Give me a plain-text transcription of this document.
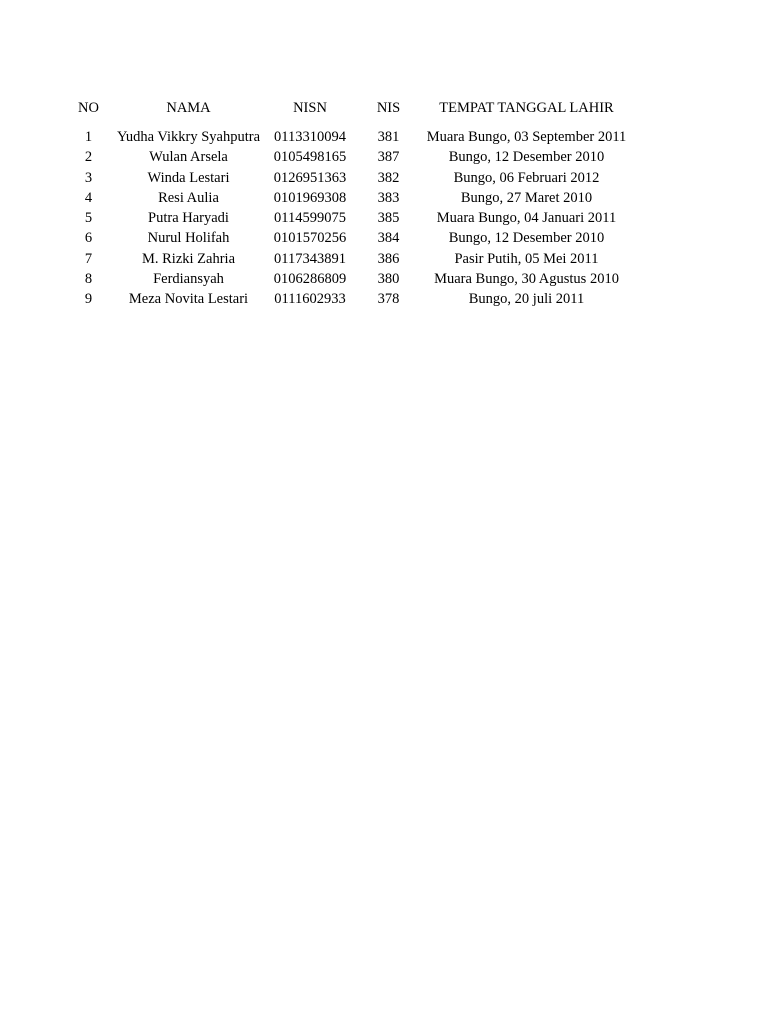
NO	NAMA	NISN	NIS	TEMPAT TANGGAL LAHIR
1	Yudha Vikkry Syahputra	0113310094	381	Muara Bungo, 03 September 2011
2	Wulan Arsela	0105498165	387	Bungo, 12 Desember 2010
3	Winda Lestari	0126951363	382	Bungo, 06 Februari 2012
4	Resi Aulia	0101969308	383	Bungo, 27 Maret 2010
5	Putra Haryadi	0114599075	385	Muara Bungo, 04 Januari 2011
6	Nurul Holifah	0101570256	384	Bungo, 12 Desember 2010
7	M. Rizki Zahria	0117343891	386	Pasir Putih, 05 Mei 2011
8	Ferdiansyah	0106286809	380	Muara Bungo, 30 Agustus 2010
9	Meza Novita Lestari	0111602933	378	Bungo, 20 juli 2011
